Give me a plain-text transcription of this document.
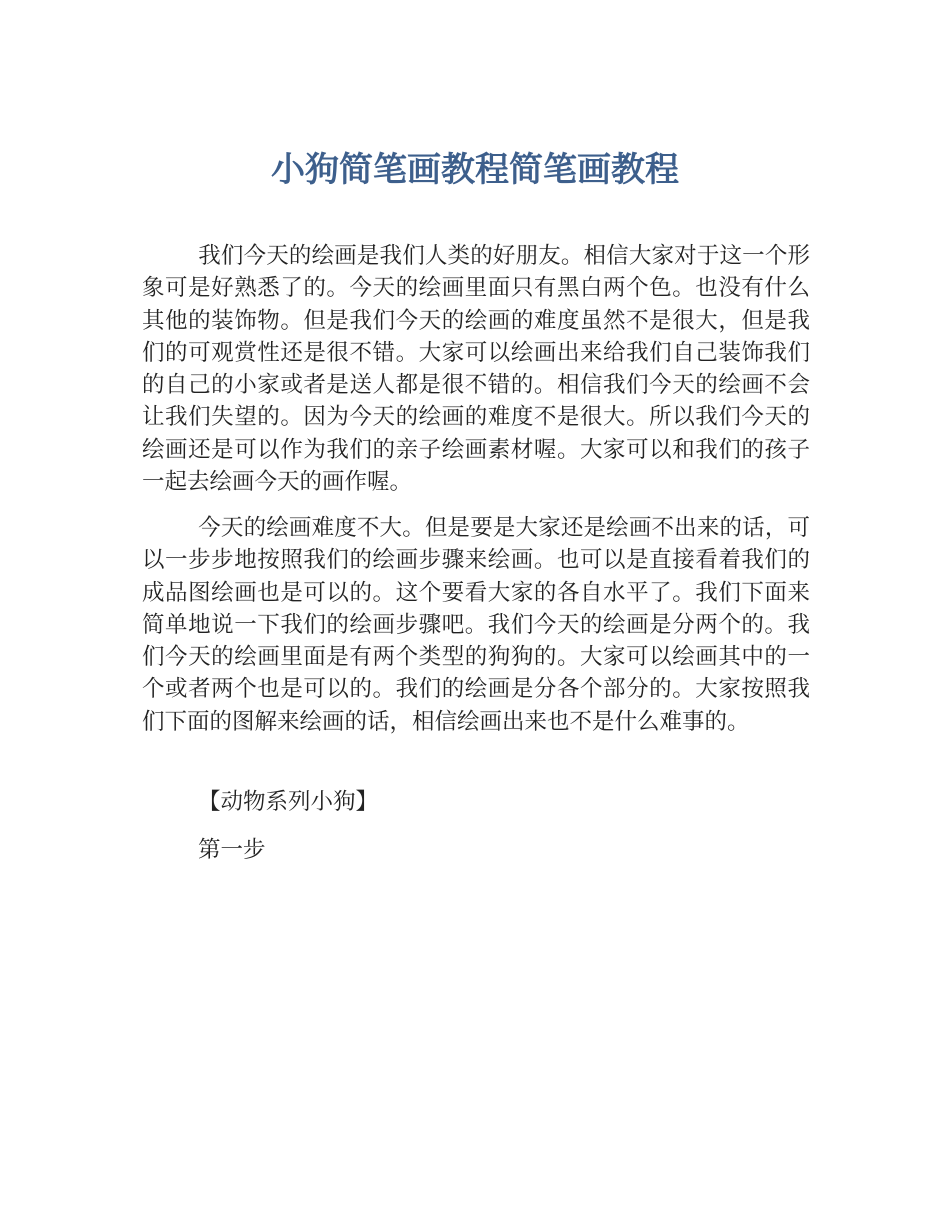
小狗简笔画教程简笔画教程

我们今天的绘画是我们人类的好朋友。相信大家对于这一个形象可是好熟悉了的。今天的绘画里面只有黑白两个色。也没有什么其他的装饰物。但是我们今天的绘画的难度虽然不是很大，但是我们的可观赏性还是很不错。大家可以绘画出来给我们自己装饰我们的自己的小家或者是送人都是很不错的。相信我们今天的绘画不会让我们失望的。因为今天的绘画的难度不是很大。所以我们今天的绘画还是可以作为我们的亲子绘画素材喔。大家可以和我们的孩子一起去绘画今天的画作喔。

今天的绘画难度不大。但是要是大家还是绘画不出来的话，可以一步步地按照我们的绘画步骤来绘画。也可以是直接看着我们的成品图绘画也是可以的。这个要看大家的各自水平了。我们下面来简单地说一下我们的绘画步骤吧。我们今天的绘画是分两个的。我们今天的绘画里面是有两个类型的狗狗的。大家可以绘画其中的一个或者两个也是可以的。我们的绘画是分各个部分的。大家按照我们下面的图解来绘画的话，相信绘画出来也不是什么难事的。

【动物系列小狗】

第一步
